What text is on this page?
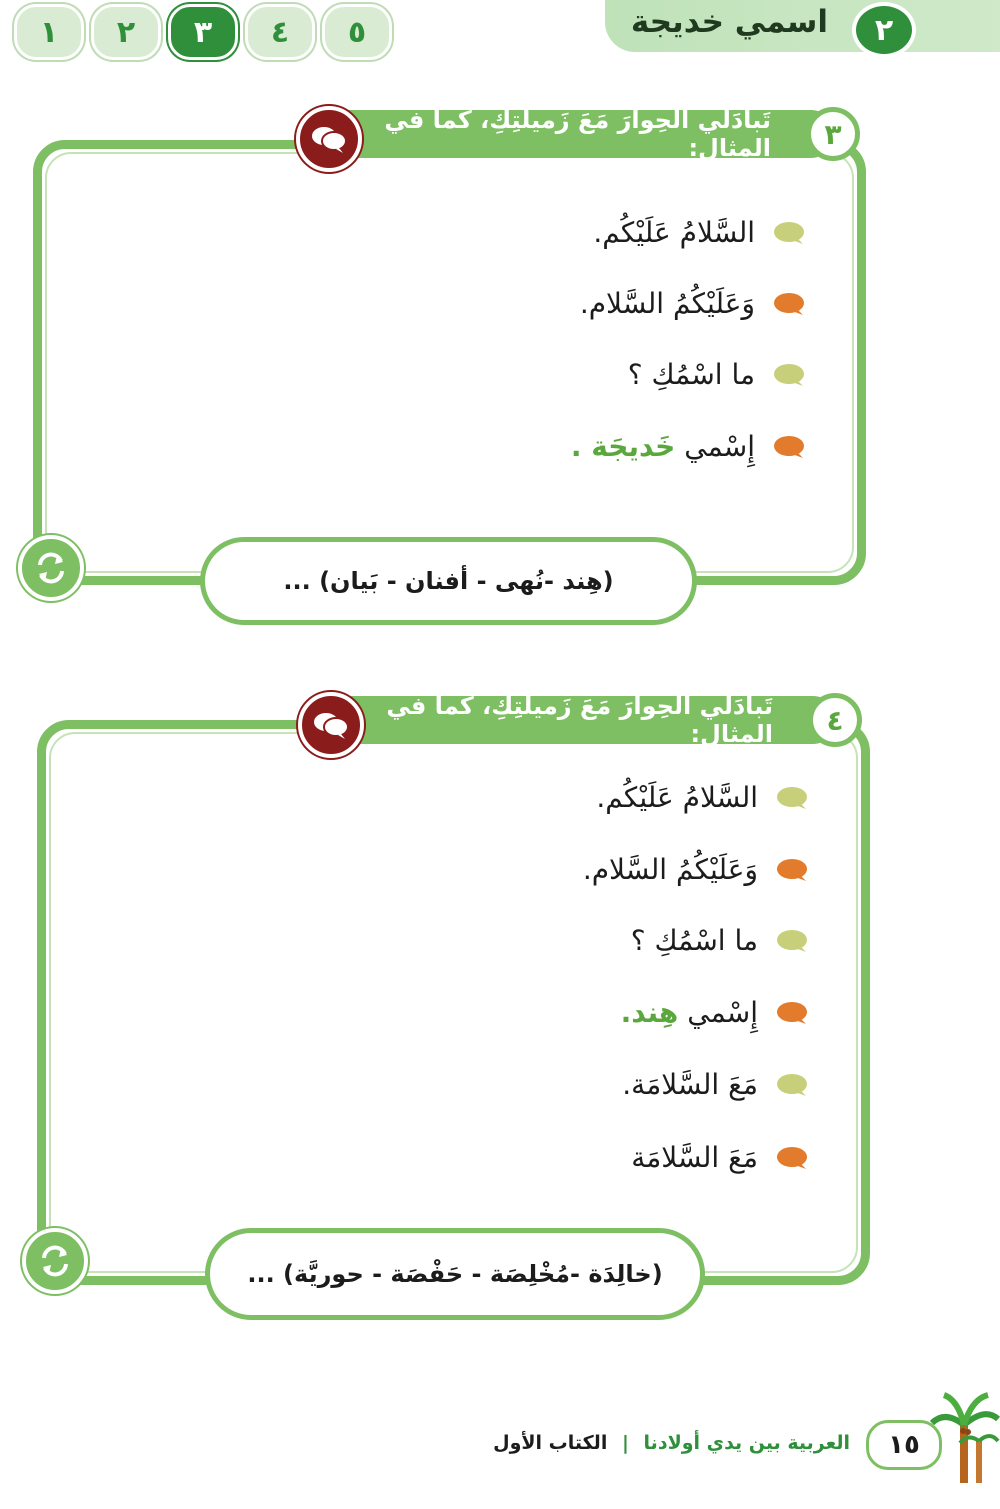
١	٢	٣	٤	٥	٢
اسمي خديجة
تَبادَلي الحِوارَ مَعَ زَميلَتِكِ، كَما في المِثالِ:	٣
السَّلامُ عَلَيْكُم.
وَعَلَيْكُمُ السَّلام.
ما اسْمُكِ ؟
إِسْمي خَديجَة .
(هِند -نُهى - أفنان - بَيان) ...
تَبادَلي الحِوارَ مَعَ زَميلَتِكِ، كَما في المِثالِ:	٤
السَّلامُ عَلَيْكُم.
وَعَلَيْكُمُ السَّلام.
ما اسْمُكِ ؟
إِسْمي هِند.
مَعَ السَّلامَة.
مَعَ السَّلامَة
(خالِدَة -مُخْلِصَة - حَفْصَة - حوريَّة) ...
١٥
العربية بين يدي أولادنا | الكتاب الأول
